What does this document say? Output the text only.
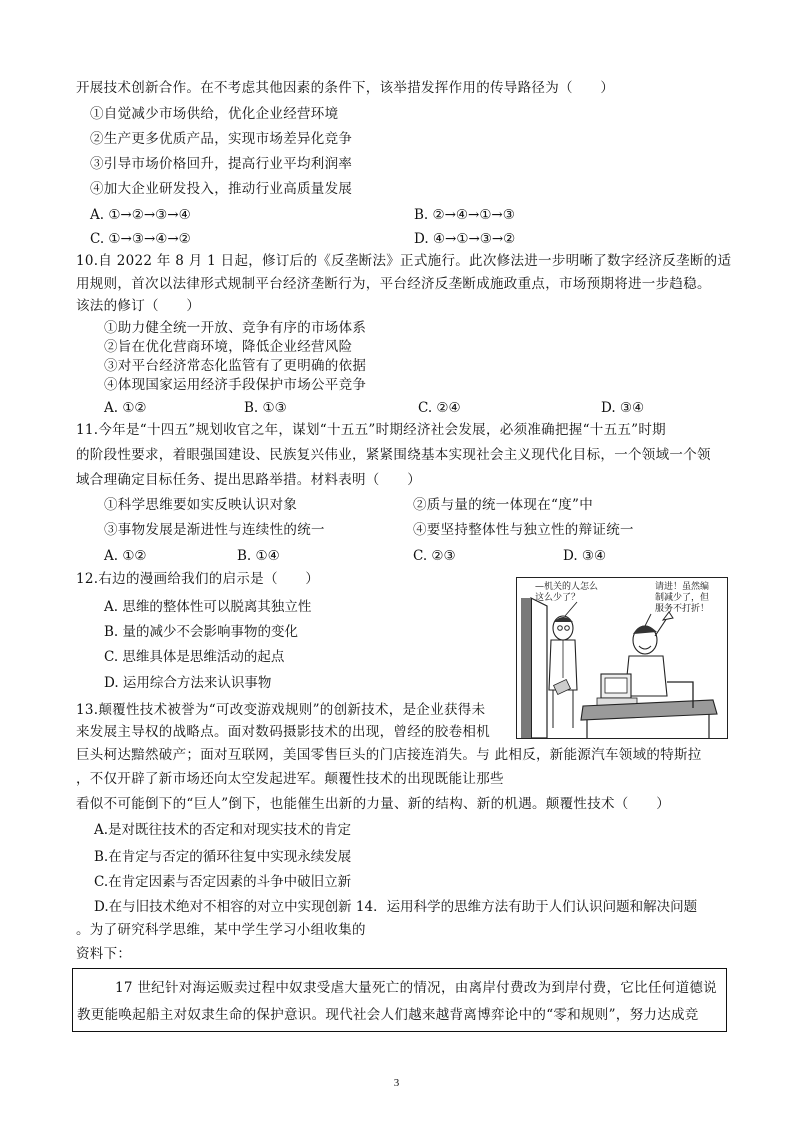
开展技术创新合作。在不考虑其他因素的条件下，该举措发挥作用的传导路径为（　　）
①自觉减少市场供给，优化企业经营环境
②生产更多优质产品，实现市场差异化竞争
③引导市场价格回升，提高行业平均利润率
④加大企业研发投入，推动行业高质量发展
A. ①→②→③→④	B. ②→④→①→③
C. ①→③→④→②	D. ④→①→③→②
10.自 2022 年 8 月 1 日起，修订后的《反垄断法》正式施行。此次修法进一步明晰了数字经济反垄断的适
用规则，首次以法律形式规制平台经济垄断行为，平台经济反垄断成施政重点，市场预期将进一步趋稳。
该法的修订（　　）
①助力健全统一开放、竞争有序的市场体系
②旨在优化营商环境，降低企业经营风险
③对平台经济常态化监管有了更明确的依据
④体现国家运用经济手段保护市场公平竞争
A. ①②	B. ①③	C. ②④	D. ③④
11.今年是“十四五”规划收官之年，谋划“十五五”时期经济社会发展，必须准确把握“十五五”时期
的阶段性要求，着眼强国建设、民族复兴伟业，紧紧围绕基本实现社会主义现代化目标，一个领域一个领
域合理确定目标任务、提出思路举措。材料表明（　　）
①科学思维要如实反映认识对象	②质与量的统一体现在“度”中
③事物发展是渐进性与连续性的统一	④要坚持整体性与独立性的辩证统一
A. ①②	B. ①④	C. ②③	D. ③④
12.右边的漫画给我们的启示是（　　）
A. 思维的整体性可以脱离其独立性
B. 量的减少不会影响事物的变化
C. 思维具体是思维活动的起点
D. 运用综合方法来认识事物
—机关的人怎么
这么少了？
请进！虽然编
制减少了，但
服务不打折！
13.颠覆性技术被誉为“可改变游戏规则”的创新技术，是企业获得未
来发展主导权的战略点。面对数码摄影技术的出现，曾经的胶卷相机
巨头柯达黯然破产；面对互联网，美国零售巨头的门店接连消失。与 此相反，新能源汽车领域的特斯拉
，不仅开辟了新市场还向太空发起进军。颠覆性技术的出现既能让那些
看似不可能倒下的“巨人”倒下，也能催生出新的力量、新的结构、新的机遇。颠覆性技术（　　）
A.是对既往技术的否定和对现实技术的肯定
B.在肯定与否定的循环往复中实现永续发展
C.在肯定因素与否定因素的斗争中破旧立新
D.在与旧技术绝对不相容的对立中实现创新 14．运用科学的思维方法有助于人们认识问题和解决问题
。为了研究科学思维，某中学生学习小组收集的
资料下：
17 世纪针对海运贩卖过程中奴隶受虐大量死亡的情况，由离岸付费改为到岸付费，它比任何道德说
教更能唤起船主对奴隶生命的保护意识。现代社会人们越来越背离博弈论中的“零和规则”，努力达成竞
3
